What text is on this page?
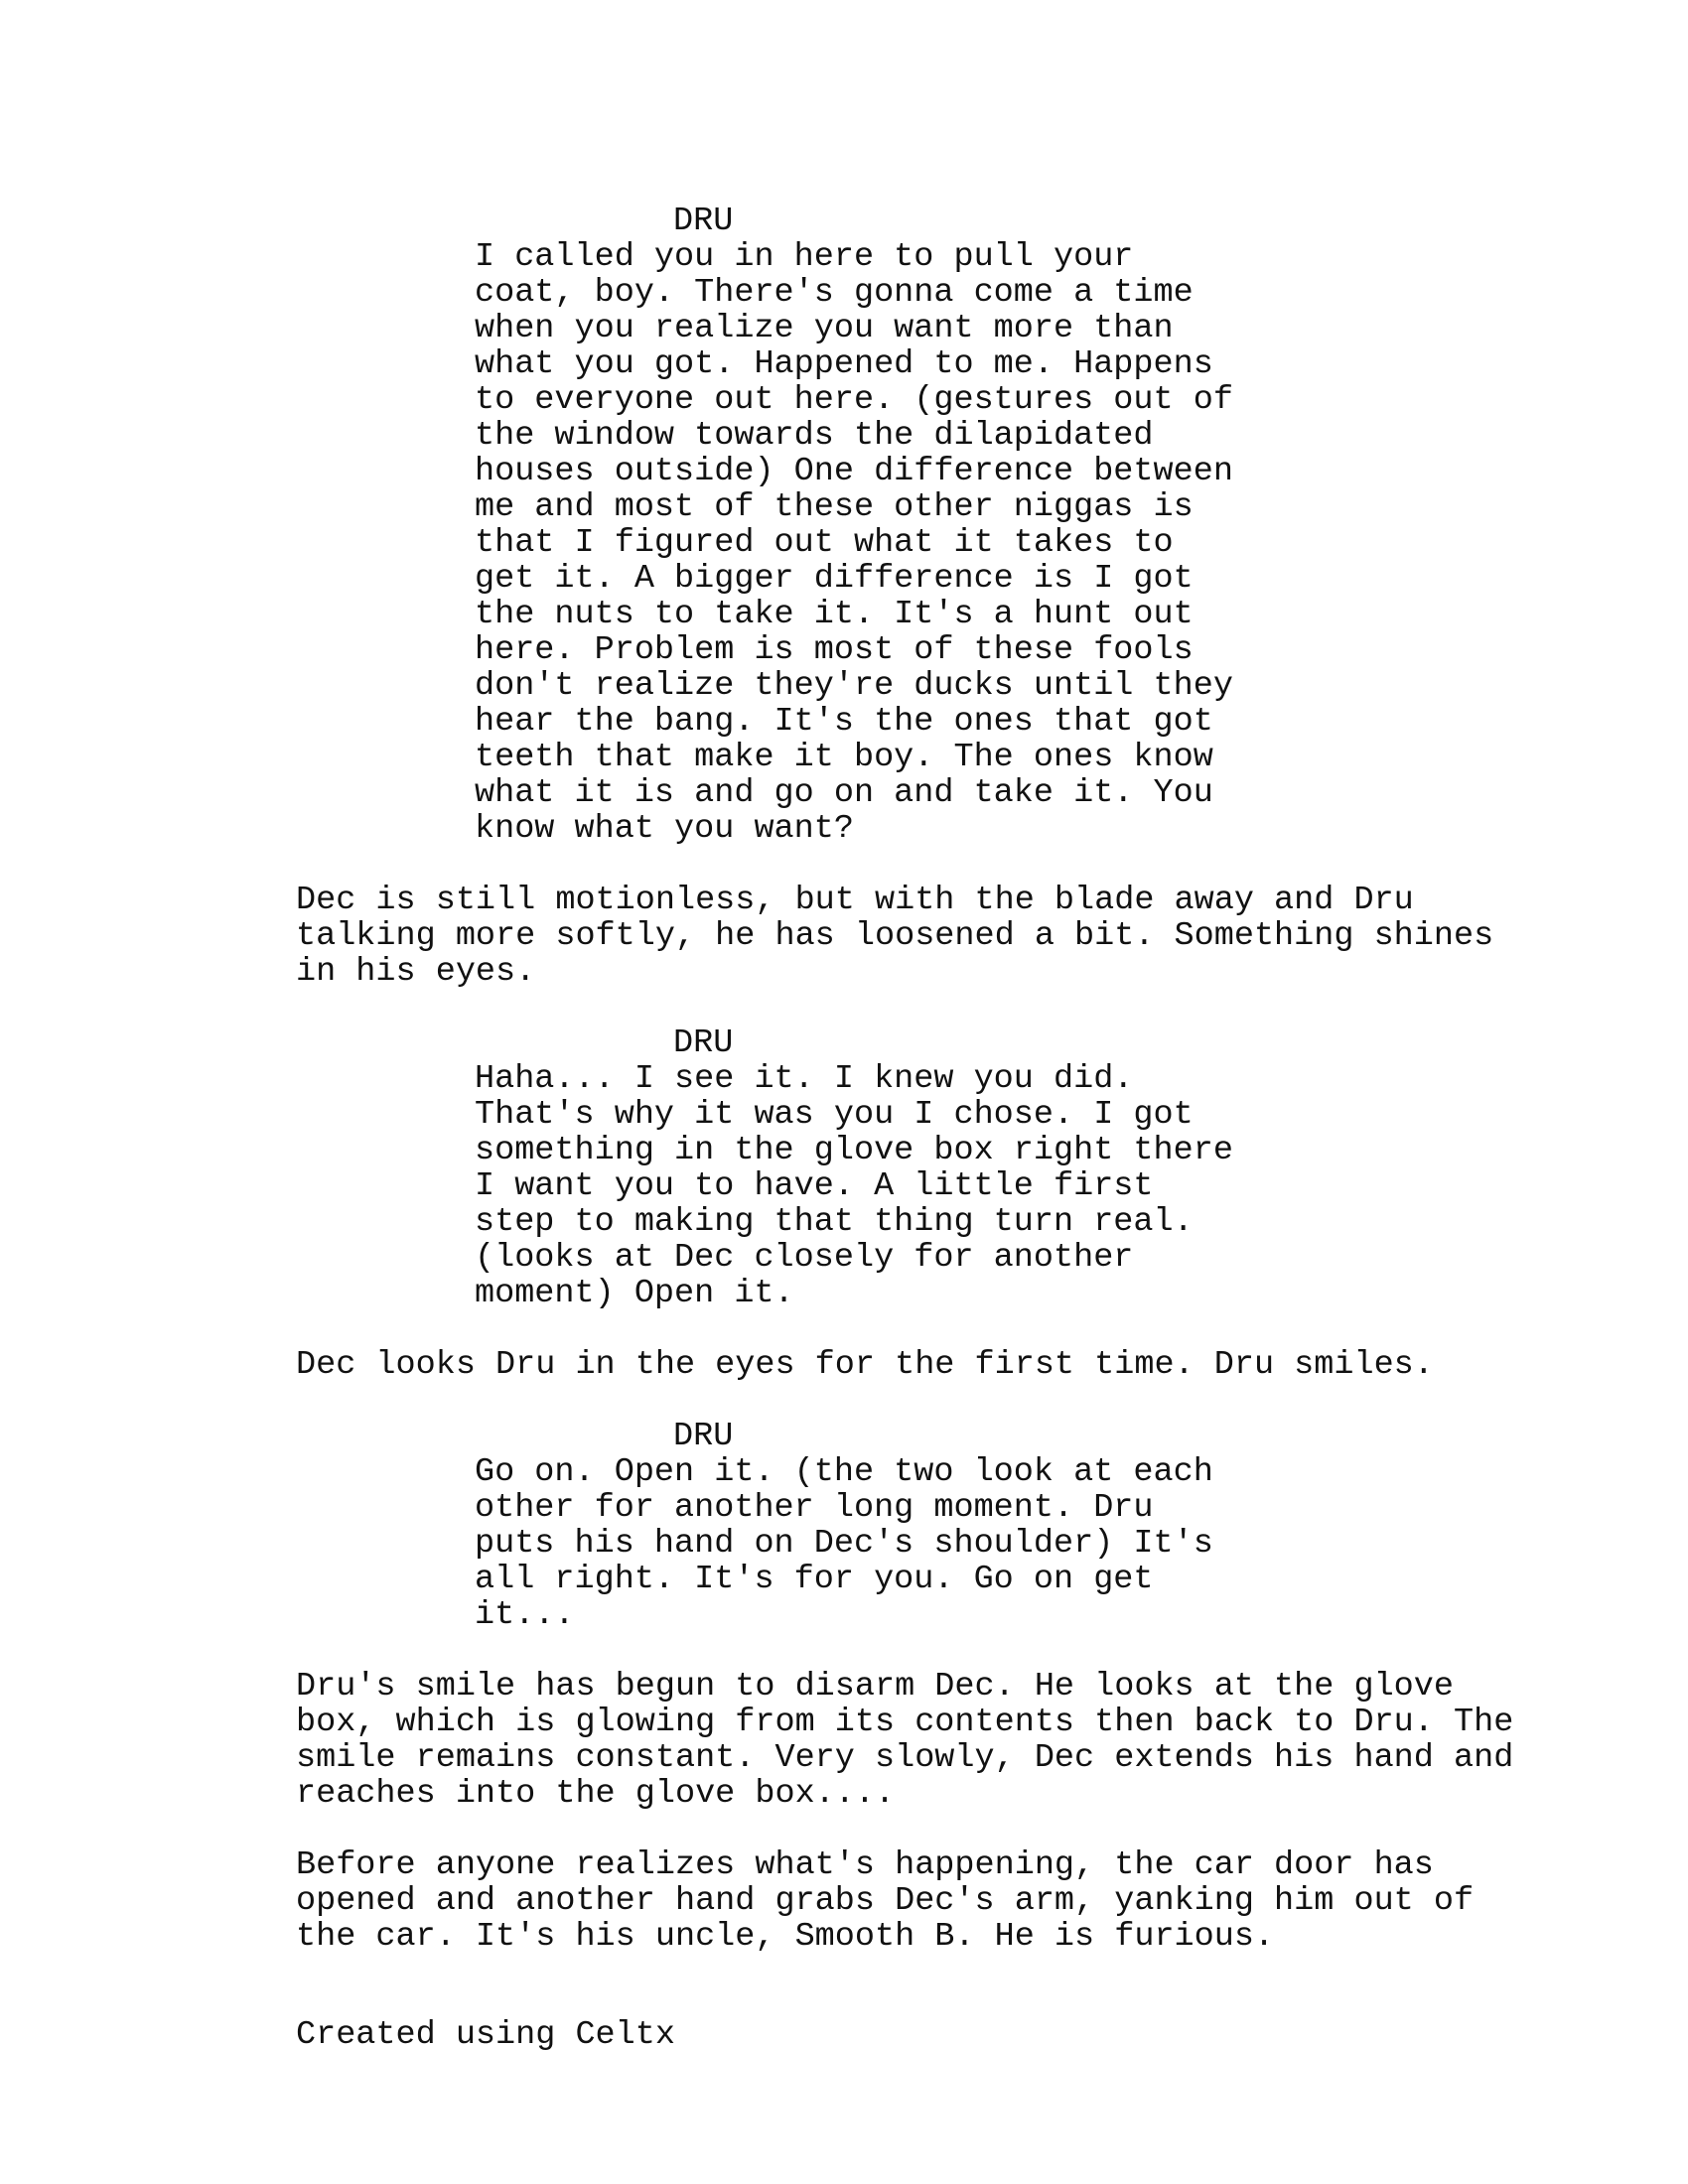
DRU
I called you in here to pull your
coat, boy. There's gonna come a time
when you realize you want more than
what you got. Happened to me. Happens
to everyone out here. (gestures out of
the window towards the dilapidated
houses outside) One difference between
me and most of these other niggas is
that I figured out what it takes to
get it. A bigger difference is I got
the nuts to take it. It's a hunt out
here. Problem is most of these fools
don't realize they're ducks until they
hear the bang. It's the ones that got
teeth that make it boy. The ones know
what it is and go on and take it. You
know what you want?
Dec is still motionless, but with the blade away and Dru
talking more softly, he has loosened a bit. Something shines
in his eyes.
DRU
Haha... I see it. I knew you did.
That's why it was you I chose. I got
something in the glove box right there
I want you to have. A little first
step to making that thing turn real.
(looks at Dec closely for another
moment) Open it.
Dec looks Dru in the eyes for the first time. Dru smiles.
DRU
Go on. Open it. (the two look at each
other for another long moment. Dru
puts his hand on Dec's shoulder) It's
all right. It's for you. Go on get
it...
Dru's smile has begun to disarm Dec. He looks at the glove
box, which is glowing from its contents then back to Dru. The
smile remains constant. Very slowly, Dec extends his hand and
reaches into the glove box....
Before anyone realizes what's happening, the car door has
opened and another hand grabs Dec's arm, yanking him out of
the car. It's his uncle, Smooth B. He is furious.
Created using Celtx
